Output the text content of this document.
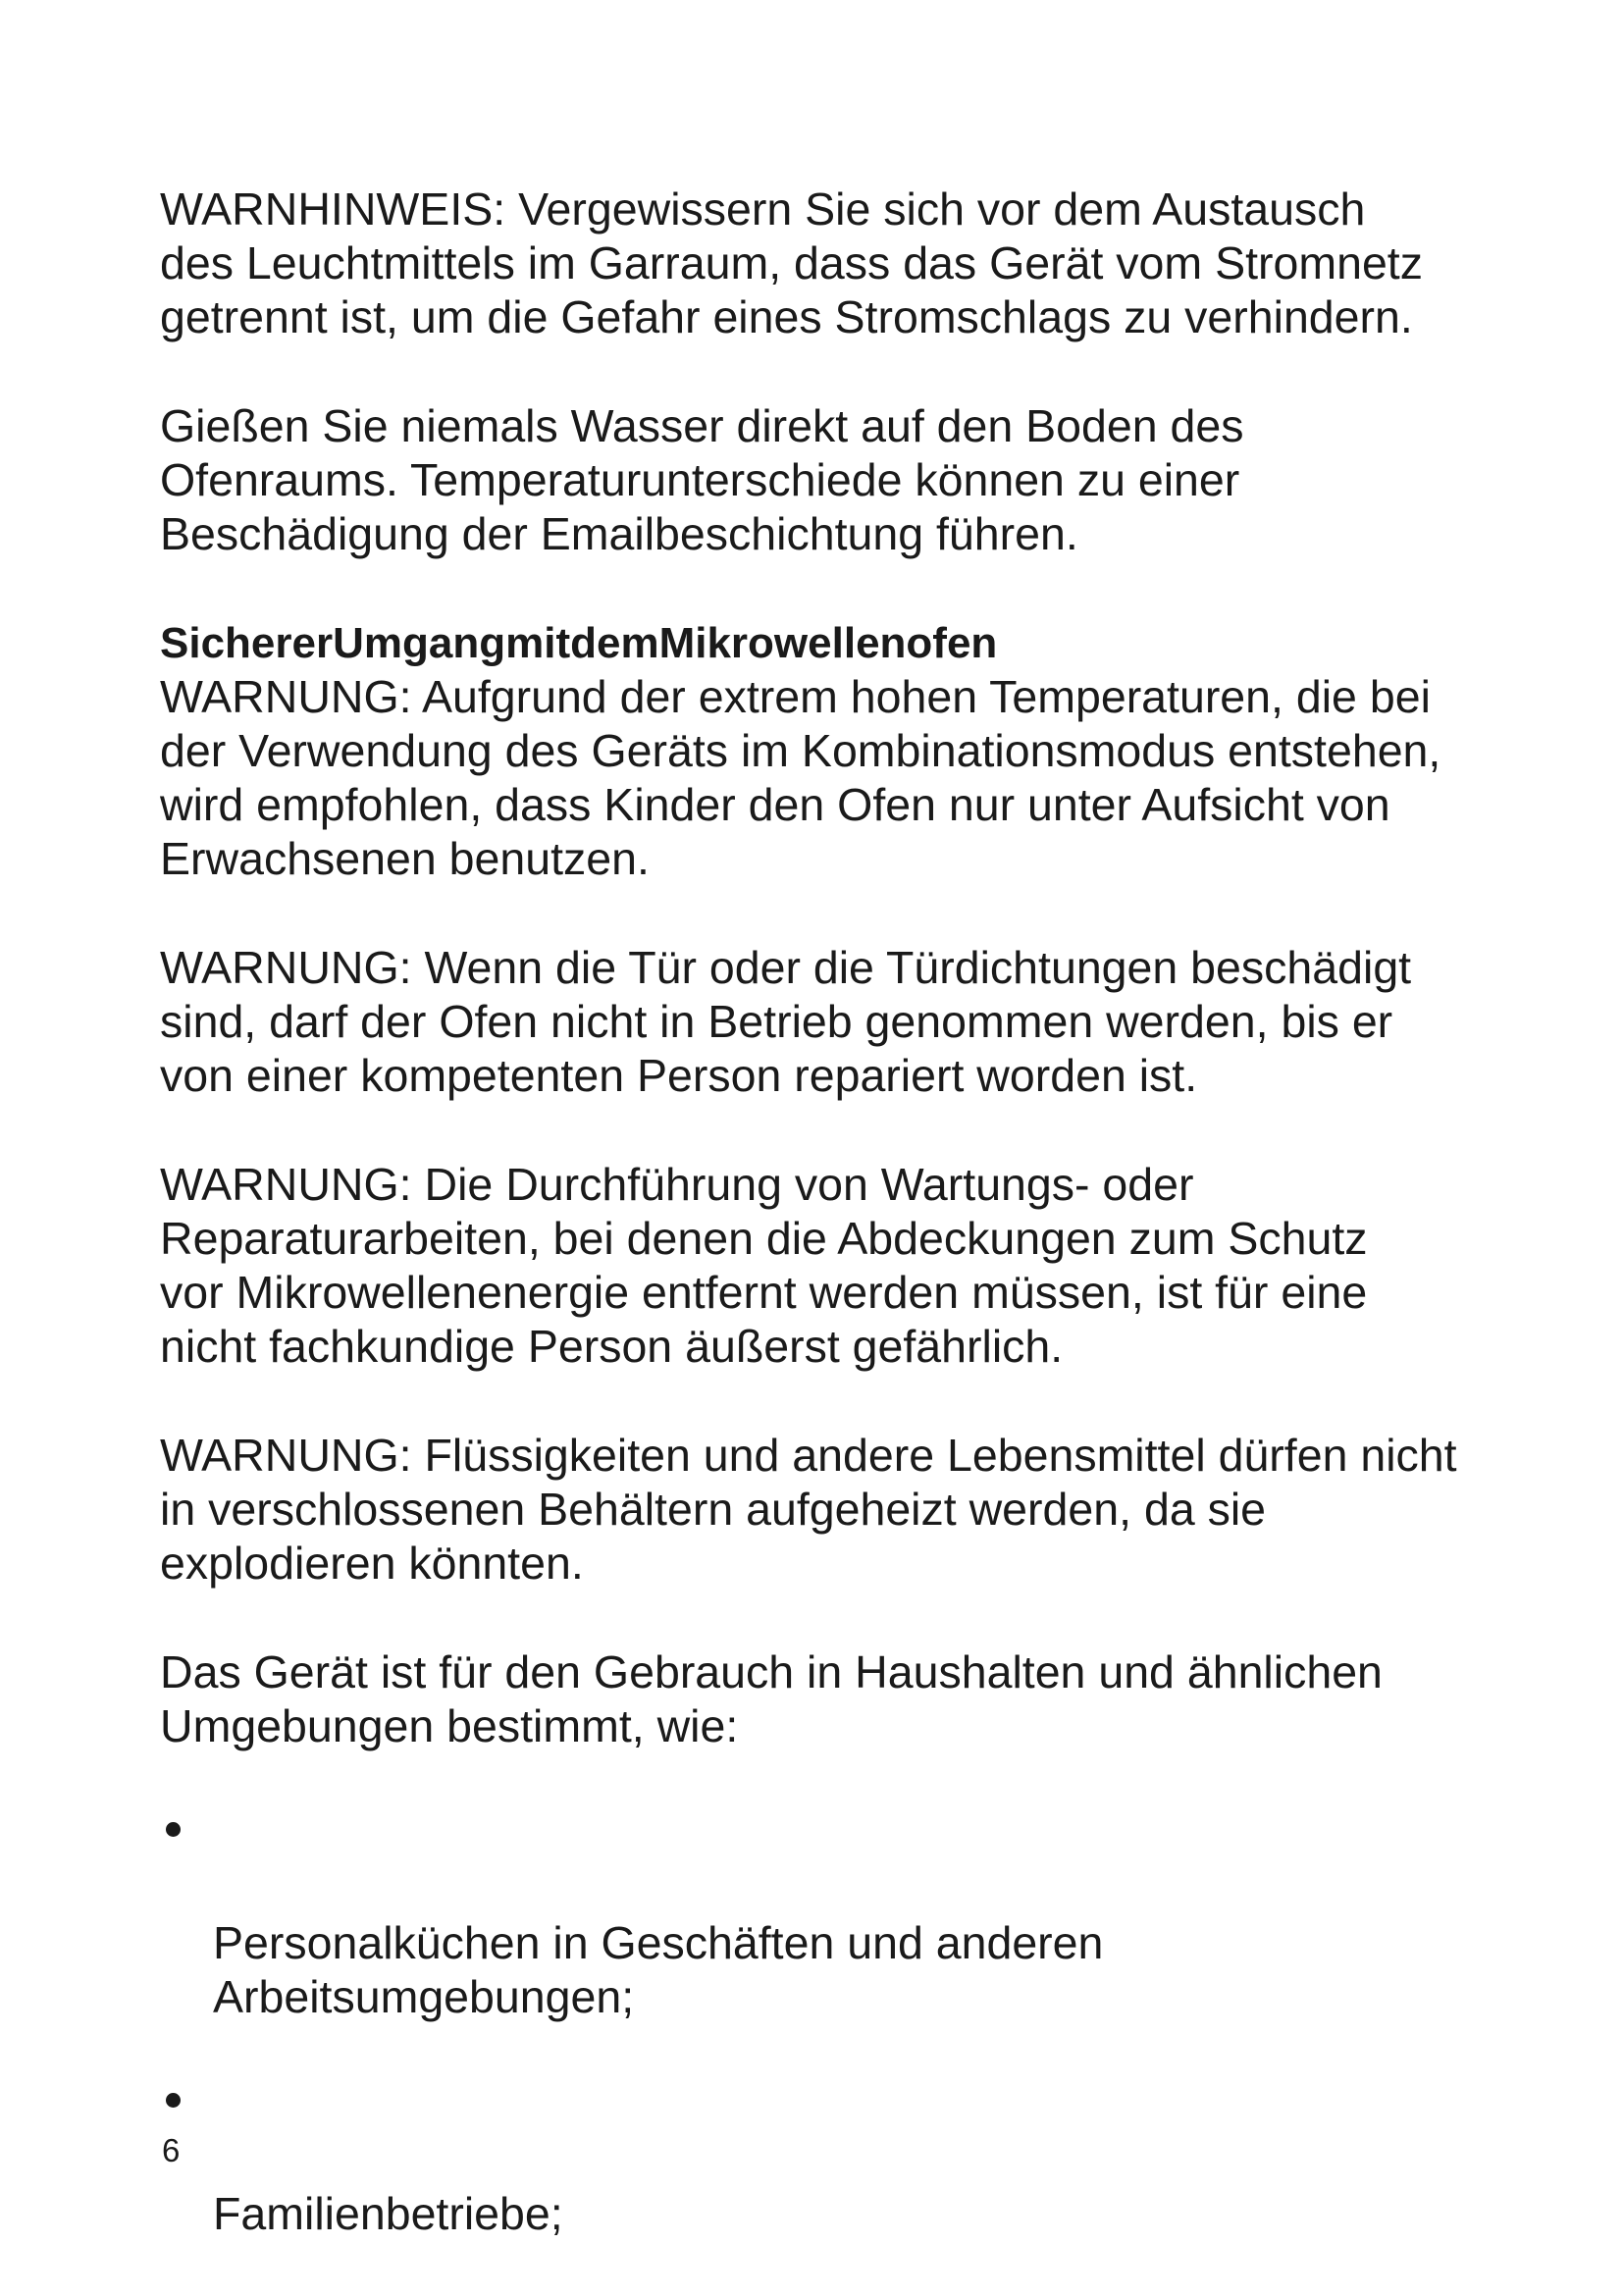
WARNHINWEIS: Vergewissern Sie sich vor dem Austausch
des Leuchtmittels im Garraum, dass das Gerät vom Stromnetz
getrennt ist, um die Gefahr eines Stromschlags zu verhindern.

Gießen Sie niemals Wasser direkt auf den Boden des
Ofenraums. Temperaturunterschiede können zu einer
Beschädigung der Emailbeschichtung führen.

SichererUmgangmitdemMikrowellenofen

WARNUNG: Aufgrund der extrem hohen Temperaturen, die bei
der Verwendung des Geräts im Kombinationsmodus entstehen,
wird empfohlen, dass Kinder den Ofen nur unter Aufsicht von
Erwachsenen benutzen.

WARNUNG: Wenn die Tür oder die Türdichtungen beschädigt
sind, darf der Ofen nicht in Betrieb genommen werden, bis er
von einer kompetenten Person repariert worden ist.

WARNUNG: Die Durchführung von Wartungs- oder
Reparaturarbeiten, bei denen die Abdeckungen zum Schutz
vor Mikrowellenenergie entfernt werden müssen, ist für eine
nicht fachkundige Person äußerst gefährlich.

WARNUNG: Flüssigkeiten und andere Lebensmittel dürfen nicht
in verschlossenen Behältern aufgeheizt werden, da sie
explodieren könnten.

Das Gerät ist für den Gebrauch in Haushalten und ähnlichen
Umgebungen bestimmt, wie:

Personalküchen in Geschäften und anderen
Arbeitsumgebungen;

Familienbetriebe;

6
